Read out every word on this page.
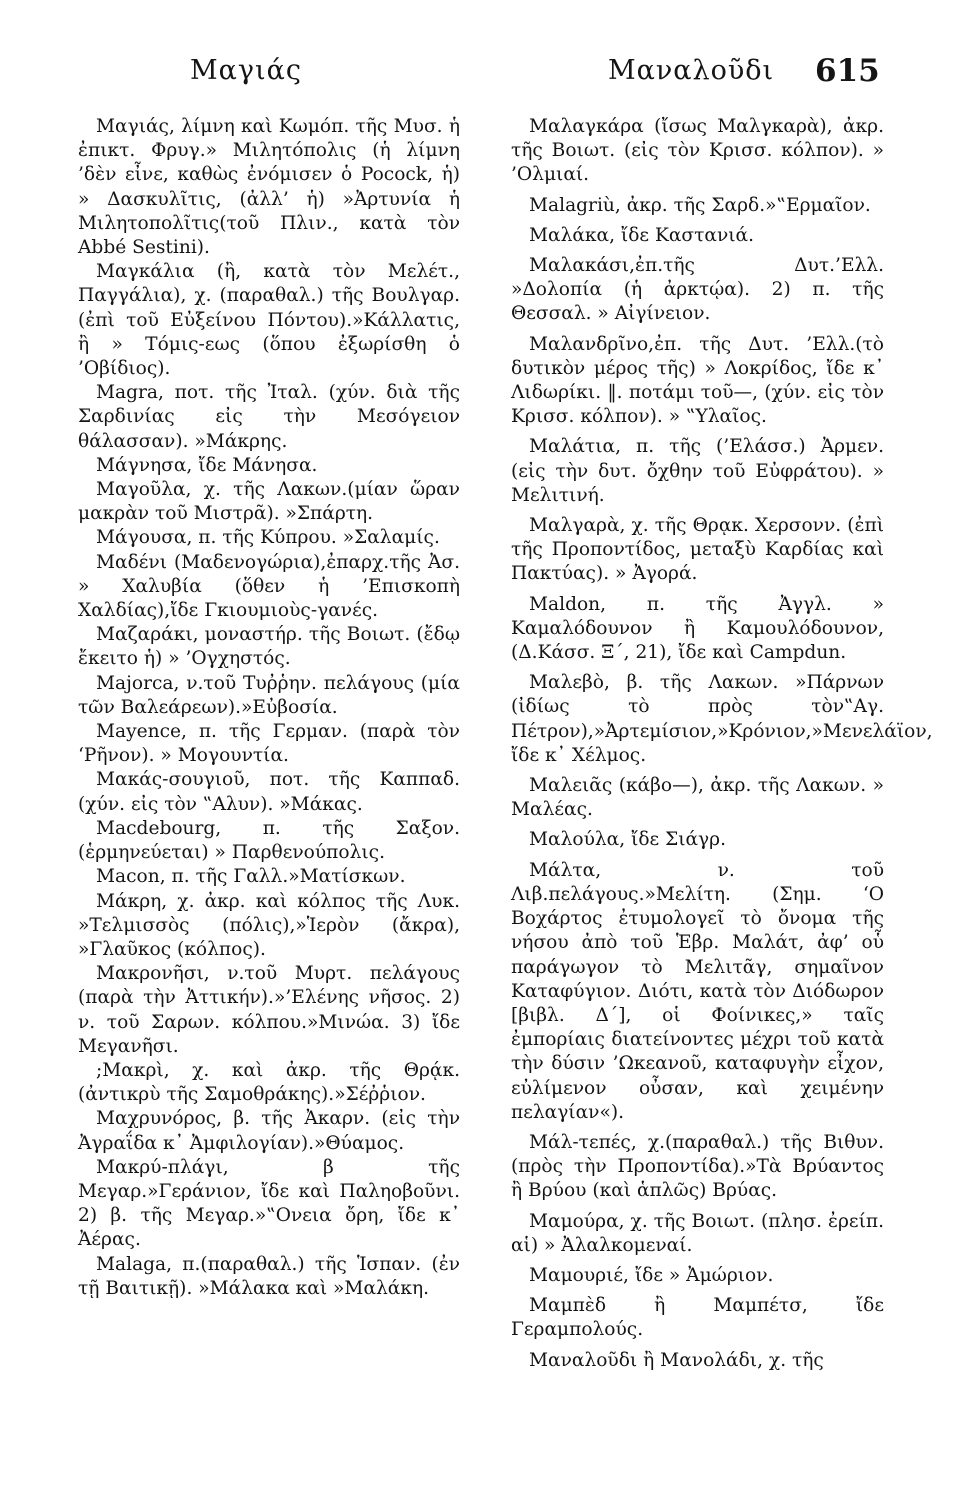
Μαγιάς	Μαναλοῦδι 615

Μαγιάς, λίμνη καὶ Κωμόπ. τῆς Μυσ. ἡ ἐπικτ. Φρυγ.» Μιλητόπολις (ἡ λίμνη ’δὲν εἶνε, καθὼς ἐνόμισεν ὁ Pocock, ἡ) » Δασκυλῖτις, (ἀλλ’ ἡ) »Ἀρτυνία ἡ Μιλητοπολῖτις(τοῦ Πλιν., κατὰ τὸν Abbé Sestini).

Μαγκάλια (ἢ, κατὰ τὸν Μελέτ., Παγγάλια), χ. (παραθαλ.) τῆς Βουλγαρ.(ἐπὶ τοῦ Εὐξείνου Πόντου).»Κάλλατις, ἢ » Τόμις-εως (ὅπου ἐξωρίσθη ὁ ’Οβίδιος).

Magra, ποτ. τῆς Ἰταλ. (χύν. διὰ τῆς Σαρδινίας εἰς τὴν Μεσόγειον θάλασσαν). »Μάκρης.

Μάγνησα, ἴδε Μάνησα.

Μαγοῦλα, χ. τῆς Λακων.(μίαν ὥραν μακρὰν τοῦ Μιστρᾶ). »Σπάρτη.

Μάγουσα, π. τῆς Κύπρου. »Σαλαμίς.

Μαδένι (Μαδενογώρια),ἐπαρχ.τῆς Ἀσ. » Χαλυβία (ὅθεν ἡ ’Επισκοπὴ Χαλδίας),ἴδε Γκιουμιοὺς-γανές.

Μαζαράκι, μοναστήρ. τῆς Βοιωτ. (ἔδῳ ἔκειτο ἡ) » ’Ογχηστός.

Majorca, ν.τοῦ Τυῤῥην. πελάγους (μία τῶν Βαλεάρεων).»Εὐβοσία.

Mayence, π. τῆς Γερμαν. (παρὰ τὸν ‘Ρῆνον). » Μογουντία.

Μακάς-σουγιοῦ, ποτ. τῆς Καππαδ. (χύν. εἰς τὸν ‟Αλυν). »Μάκας.

Macdebourg, π. τῆς Σαξον. (ἑρμηνεύεται) » Παρθενούπολις.

Macon, π. τῆς Γαλλ.»Ματίσκων.

Μάκρη, χ. ἀκρ. καὶ κόλπος τῆς Λυκ. »Τελμισσὸς (πόλις),»Ἱερὸν (ἄκρα), »Γλαῦκος (κόλπος).

Μακρονῆσι, ν.τοῦ Μυρτ. πελάγους (παρὰ τὴν Ἀττικήν).»’Ελένης νῆσος. 2) ν. τοῦ Σαρων. κόλπου.»Μινώα. 3) ἴδε Μεγανῆσι.

;Μακρὶ, χ. καὶ ἀκρ. τῆς Θρᾴκ. (ἀντικρὺ τῆς Σαμοθράκης).»Σέῤῥιον.

Μαχρυνόρος, β. τῆς Ἀκαρν. (εἰς τὴν Ἀγραΐδα κ᾽ Ἀμφιλογίαν).»Θύαμος.

Μακρύ-πλάγι, β τῆς Μεγαρ.»Γεράνιον, ἴδε καὶ Παληοβοῦνι. 2) β. τῆς Μεγαρ.»‟Ονεια ὄρη, ἴδε κ᾽ Ἀέρας.

Malaga, π.(παραθαλ.) τῆς Ἱσπαν. (ἐν τῇ Βαιτικῇ). »Μάλακα καὶ »Μαλάκη.

Μαλαγκάρα (ἴσως Μαλγκαρὰ), ἀκρ. τῆς Βοιωτ. (εἰς τὸν Κρισσ. κόλπον). » ’Ολμιαί.

Malagriù, ἀκρ. τῆς Σαρδ.»‟Ερμαῖον.

Μαλάκα, ἴδε Καστανιά.

Μαλακάσι,ἐπ.τῆς Δυτ.’Ελλ. »Δολοπία (ἡ ἀρκτῴα). 2) π. τῆς Θεσσαλ. » Αἰγίνειον.

Μαλανδρῖνο,ἐπ. τῆς Δυτ. ’Ελλ.(τὸ δυτικὸν μέρος τῆς) » Λοκρίδος, ἴδε κ᾽ Λιδωρίκι. ‖. ποτάμι τοῦ—, (χύν. εἰς τὸν Κρισσ. κόλπον). » ‟Υλαῖος.

Μαλάτια, π. τῆς (’Ελάσσ.) Ἀρμεν. (εἰς τὴν δυτ. ὄχθην τοῦ Εὐφράτου). » Μελιτινή.

Μαλγαρὰ, χ. τῆς Θρᾳκ. Χερσονν. (ἐπὶ τῆς Προποντίδος, μεταξὺ Καρδίας καὶ Πακτύας). » Ἀγορά.

Maldon, π. τῆς Ἀγγλ. » Καμαλόδουνον ἢ Καμουλόδουνον,(Δ.Κάσσ. Ξ΄, 21), ἴδε καὶ Campdun.

Μαλεβὸ, β. τῆς Λακων. »Πάρνων (ἰδίως τὸ πρὸς τὸν‟Αγ. Πέτρον),»Ἀρτεμίσιον,»Κρόνιον,»Μενελάϊον, ἴδε κ᾽ Χέλμος.

Μαλειᾶς (κάβο—), ἀκρ. τῆς Λακων. » Μαλέας.

Μαλούλα, ἴδε Σιάγρ.

Μάλτα, ν. τοῦ Λιβ.πελάγους.»Μελίτη. (Σημ. ‘Ο Βοχάρτος ἐτυμολογεῖ τὸ ὄνομα τῆς νήσου ἀπὸ τοῦ Ἑβρ. Μαλάτ, ἀφ’ οὗ παράγωγον τὸ Μελιτᾶγ, σημαῖνον Καταφύγιον. Διότι, κατὰ τὸν Διόδωρον [βιβλ. Δ΄], οἱ Φοίνικες,» ταῖς ἐμπορίαις διατείνοντες μέχρι τοῦ κατὰ τὴν δύσιν ’Ωκεανοῦ, καταφυγὴν εἶχον, εὐλίμενον οὖσαν, καὶ χειμένην πελαγίαν«).

Μάλ-τεπές, χ.(παραθαλ.) τῆς Βιθυν.(πρὸς τὴν Προποντίδα).»Τὰ Βρύαντος ἢ Βρύου (καὶ ἁπλῶς) Βρύας.

Μαμούρα, χ. τῆς Βοιωτ. (πλησ. ἐρείπ. αἱ) » Ἀλαλκομεναί.

Μαμουριέ, ἴδε » Ἀμώριον.

Μαμπὲδ ἢ Μαμπέτσ, ἴδε Γεραμπολούς.

Μαναλοῦδι ἢ Μανολάδι, χ. τῆς
